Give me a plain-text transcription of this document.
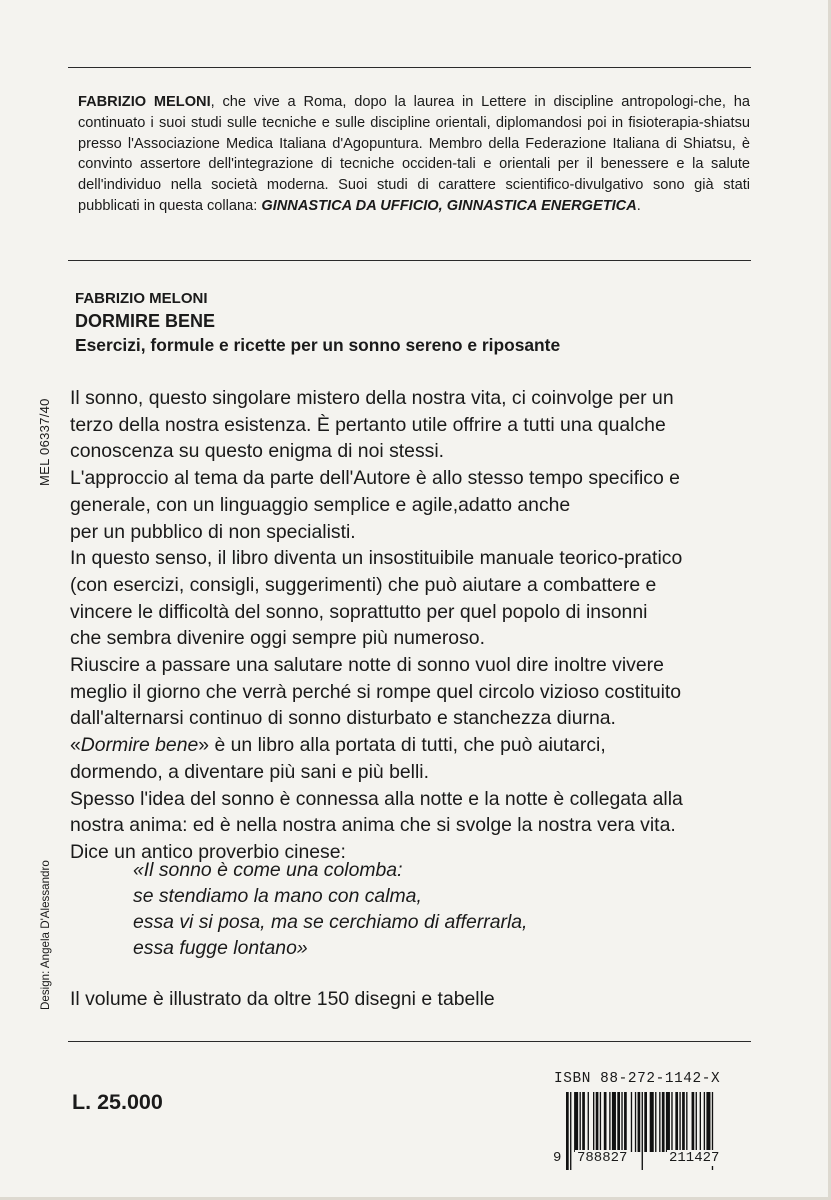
FABRIZIO MELONI, che vive a Roma, dopo la laurea in Lettere in discipline antropologi-che, ha continuato i suoi studi sulle tecniche e sulle discipline orientali, diplomandosi poi in fisioterapia-shiatsu presso l'Associazione Medica Italiana d'Agopuntura. Membro della Federazione Italiana di Shiatsu, è convinto assertore dell'integrazione di tecniche occiden-tali e orientali per il benessere e la salute dell'individuo nella società moderna. Suoi studi di carattere scientifico-divulgativo sono già stati pubblicati in questa collana: GINNASTICA DA UFFICIO, GINNASTICA ENERGETICA.
FABRIZIO MELONI
DORMIRE BENE
Esercizi, formule e ricette per un sonno sereno e riposante

Il sonno, questo singolare mistero della nostra vita, ci coinvolge per un
terzo della nostra esistenza. È pertanto utile offrire a tutti una qualche
conoscenza su questo enigma di noi stessi.

L'approccio al tema da parte dell'Autore è allo stesso tempo specifico e
generale, con un linguaggio semplice e agile,adatto anche
per un pubblico di non specialisti.

In questo senso, il libro diventa un insostituibile manuale teorico-pratico
(con esercizi, consigli, suggerimenti) che può aiutare a combattere e
vincere le difficoltà del sonno, soprattutto per quel popolo di insonni
che sembra divenire oggi sempre più numeroso.

Riuscire a passare una salutare notte di sonno vuol dire inoltre vivere
meglio il giorno che verrà perché si rompe quel circolo vizioso costituito
dall'alternarsi continuo di sonno disturbato e stanchezza diurna.

«Dormire bene» è un libro alla portata di tutti, che può aiutarci,
dormendo, a diventare più sani e più belli.

Spesso l'idea del sonno è connessa alla notte e la notte è collegata alla
nostra anima: ed è nella nostra anima che si svolge la nostra vera vita.
Dice un antico proverbio cinese:

«Il sonno è come una colomba:
se stendiamo la mano con calma,
essa vi si posa, ma se cerchiamo di afferrarla,
essa fugge lontano»
Il volume è illustrato da oltre 150 disegni e tabelle
MEL 06337/40
Design: Angela D'Alessandro
L. 25.000
ISBN 88-272-1142-X
9 788827	211427
